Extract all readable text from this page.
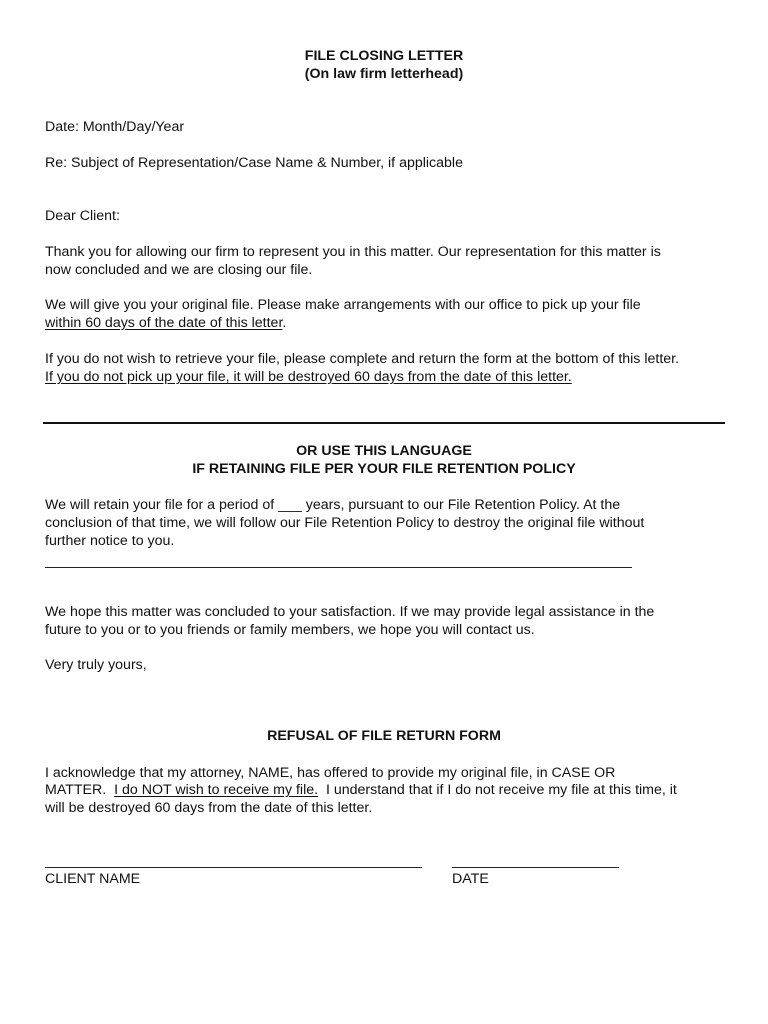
FILE CLOSING LETTER

(On law firm letterhead)

Date: Month/Day/Year

Re: Subject of Representation/Case Name & Number, if applicable

Dear Client:

Thank you for allowing our firm to represent you in this matter. Our representation for this matter is

now concluded and we are closing our file.

We will give you your original file. Please make arrangements with our office to pick up your file

within 60 days of the date of this letter.

If you do not wish to retrieve your file, please complete and return the form at the bottom of this letter.

If you do not pick up your file, it will be destroyed 60 days from the date of this letter.

OR USE THIS LANGUAGE

IF RETAINING FILE PER YOUR FILE RETENTION POLICY

We will retain your file for a period of ___ years, pursuant to our File Retention Policy. At the

conclusion of that time, we will follow our File Retention Policy to destroy the original file without

further notice to you.

We hope this matter was concluded to your satisfaction. If we may provide legal assistance in the

future to you or to you friends or family members, we hope you will contact us.

Very truly yours,

REFUSAL OF FILE RETURN FORM

I acknowledge that my attorney, NAME, has offered to provide my original file, in CASE OR

MATTER.  I do NOT wish to receive my file.  I understand that if I do not receive my file at this time, it

will be destroyed 60 days from the date of this letter.

CLIENT NAME	DATE
